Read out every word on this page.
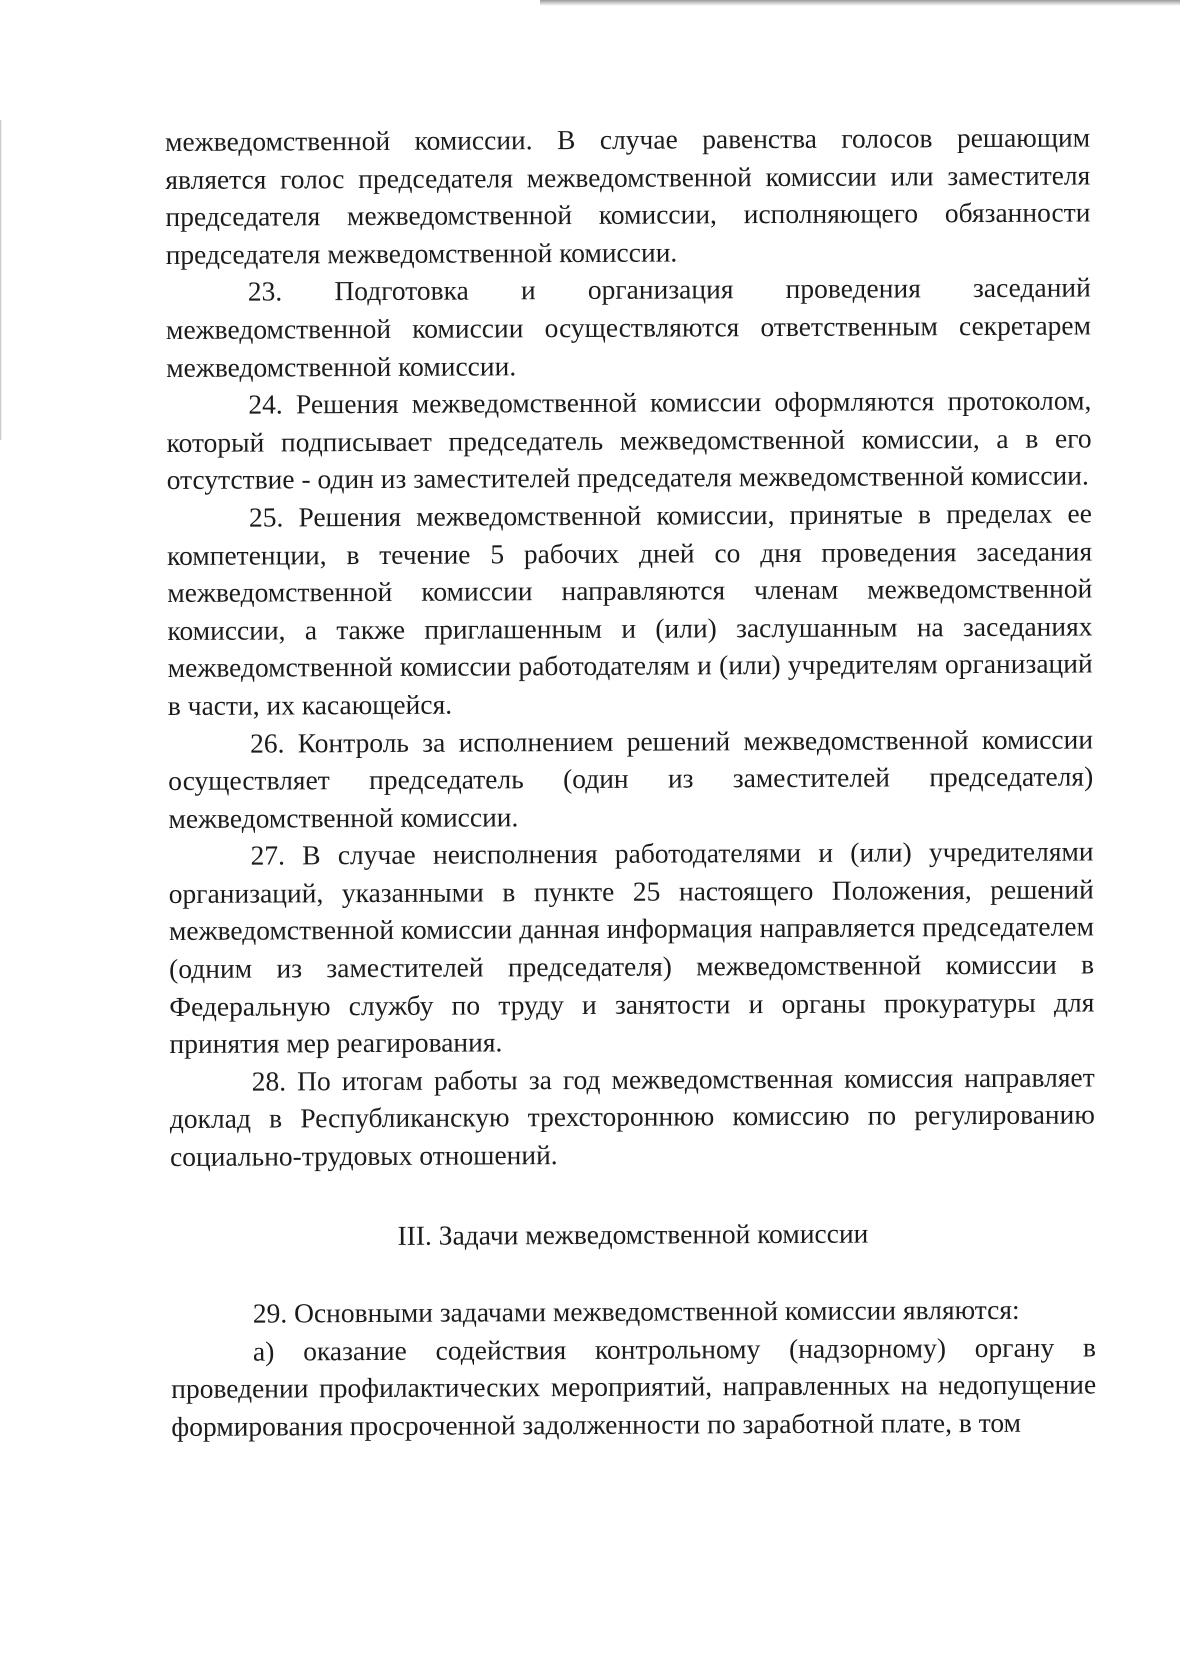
межведомственной комиссии. В случае равенства голосов решающим является голос председателя межведомственной комиссии или заместителя председателя межведомственной комиссии, исполняющего обязанности председателя межведомственной комиссии.

23. Подготовка и организация проведения заседаний межведомственной комиссии осуществляются ответственным секретарем межведомственной комиссии.

24. Решения межведомственной комиссии оформляются протоколом, который подписывает председатель межведомственной комиссии, а в его отсутствие - один из заместителей председателя межведомственной комиссии.

25. Решения межведомственной комиссии, принятые в пределах ее компетенции, в течение 5 рабочих дней со дня проведения заседания межведомственной комиссии направляются членам межведомственной комиссии, а также приглашенным и (или) заслушанным на заседаниях межведомственной комиссии работодателям и (или) учредителям организаций в части, их касающейся.

26. Контроль за исполнением решений межведомственной комиссии осуществляет председатель (один из заместителей председателя) межведомственной комиссии.

27. В случае неисполнения работодателями и (или) учредителями организаций, указанными в пункте 25 настоящего Положения, решений межведомственной комиссии данная информация направляется председателем (одним из заместителей председателя) межведомственной комиссии в Федеральную службу по труду и занятости и органы прокуратуры для принятия мер реагирования.

28. По итогам работы за год межведомственная комиссия направляет доклад в Республиканскую трехстороннюю комиссию по регулированию социально-трудовых отношений.

III. Задачи межведомственной комиссии

29. Основными задачами межведомственной комиссии являются:

а) оказание содействия контрольному (надзорному) органу в проведении профилактических мероприятий, направленных на недопущение формирования просроченной задолженности по заработной плате, в том
